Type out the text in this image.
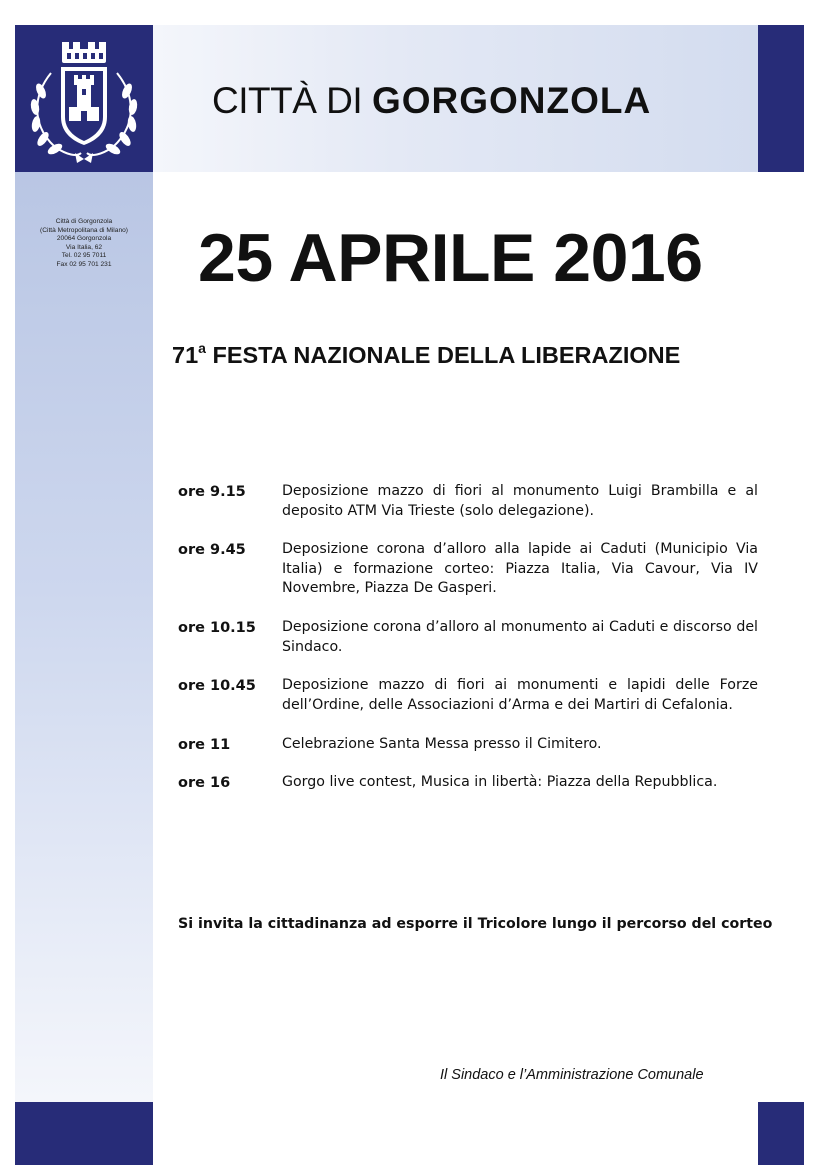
CITTÀ DI GORGONZOLA
Città di Gorgonzola
(Città Metropolitana di Milano)
20064 Gorgonzola
Via Italia, 62
Tel. 02 95 7011
Fax 02 95 701 231	25 APRILE 2016
71$^a$ FESTA NAZIONALE DELLA LIBERAZIONE
ore 9.15	Deposizione mazzo di fiori al monumento Luigi Brambilla e al deposito ATM Via Trieste (solo delegazione).
ore 9.45	Deposizione corona d’alloro alla lapide ai Caduti (Municipio Via Italia) e formazione corteo: Piazza Italia, Via Cavour, Via IV Novembre, Piazza De Gasperi.
ore 10.15	Deposizione corona d’alloro al monumento ai Caduti e discorso del Sindaco.
ore 10.45	Deposizione mazzo di fiori ai monumenti e lapidi delle Forze dell’Ordine, delle Associazioni d’Arma e dei Martiri di Cefalonia.
ore 11	Celebrazione Santa Messa presso il Cimitero.
ore 16	Gorgo live contest, Musica in libertà: Piazza della Repubblica.
Si invita la cittadinanza ad esporre il Tricolore lungo il percorso del corteo
Il Sindaco e l’Amministrazione Comunale
